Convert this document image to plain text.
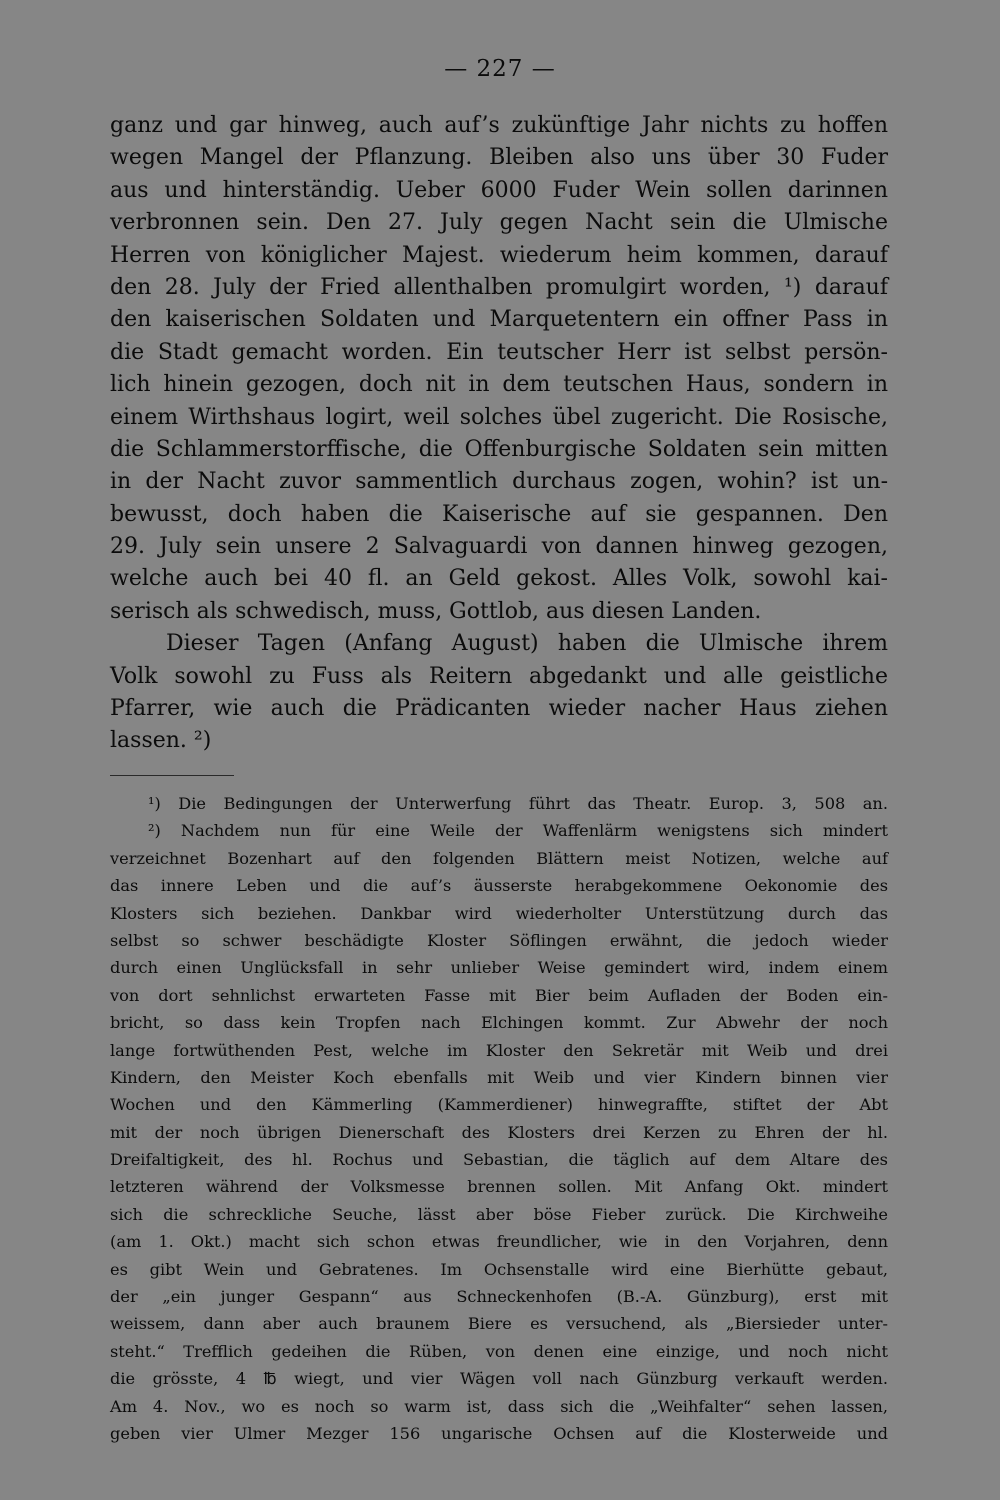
— 227 —
ganz und gar hinweg, auch auf’s zukünftige Jahr nichts zu hoffen
wegen Mangel der Pflanzung. Bleiben also uns über 30 Fuder
aus und hinterständig. Ueber 6000 Fuder Wein sollen darinnen
verbronnen sein. Den 27. July gegen Nacht sein die Ulmische
Herren von königlicher Majest. wiederum heim kommen, darauf
den 28. July der Fried allenthalben promulgirt worden, ¹) darauf
den kaiserischen Soldaten und Marquetentern ein offner Pass in
die Stadt gemacht worden. Ein teutscher Herr ist selbst persön-
lich hinein gezogen, doch nit in dem teutschen Haus, sondern in
einem Wirthshaus logirt, weil solches übel zugericht. Die Rosische,
die Schlammerstorffische, die Offenburgische Soldaten sein mitten
in der Nacht zuvor sammentlich durchaus zogen, wohin? ist un-
bewusst, doch haben die Kaiserische auf sie gespannen. Den
29. July sein unsere 2 Salvaguardi von dannen hinweg gezogen,
welche auch bei 40 fl. an Geld gekost. Alles Volk, sowohl kai-
serisch als schwedisch, muss, Gottlob, aus diesen Landen.
Dieser Tagen (Anfang August) haben die Ulmische ihrem
Volk sowohl zu Fuss als Reitern abgedankt und alle geistliche
Pfarrer, wie auch die Prädicanten wieder nacher Haus ziehen
lassen. ²)
¹) Die Bedingungen der Unterwerfung führt das Theatr. Europ. 3, 508 an.
²) Nachdem nun für eine Weile der Waffenlärm wenigstens sich mindert
verzeichnet Bozenhart auf den folgenden Blättern meist Notizen, welche auf
das innere Leben und die auf’s äusserste herabgekommene Oekonomie des
Klosters sich beziehen. Dankbar wird wiederholter Unterstützung durch das
selbst so schwer beschädigte Kloster Söflingen erwähnt, die jedoch wieder
durch einen Unglücksfall in sehr unlieber Weise gemindert wird, indem einem
von dort sehnlichst erwarteten Fasse mit Bier beim Aufladen der Boden ein-
bricht, so dass kein Tropfen nach Elchingen kommt. Zur Abwehr der noch
lange fortwüthenden Pest, welche im Kloster den Sekretär mit Weib und drei
Kindern, den Meister Koch ebenfalls mit Weib und vier Kindern binnen vier
Wochen und den Kämmerling (Kammerdiener) hinwegraffte, stiftet der Abt
mit der noch übrigen Dienerschaft des Klosters drei Kerzen zu Ehren der hl.
Dreifaltigkeit, des hl. Rochus und Sebastian, die täglich auf dem Altare des
letzteren während der Volksmesse brennen sollen. Mit Anfang Okt. mindert
sich die schreckliche Seuche, lässt aber böse Fieber zurück. Die Kirchweihe
(am 1. Okt.) macht sich schon etwas freundlicher, wie in den Vorjahren, denn
es gibt Wein und Gebratenes. Im Ochsenstalle wird eine Bierhütte gebaut,
der „ein junger Gespann“ aus Schneckenhofen (B.-A. Günzburg), erst mit
weissem, dann aber auch braunem Biere es versuchend, als „Biersieder unter-
steht.“ Trefflich gedeihen die Rüben, von denen eine einzige, und noch nicht
die grösste, 4 ℔ wiegt, und vier Wägen voll nach Günzburg verkauft werden.
Am 4. Nov., wo es noch so warm ist, dass sich die „Weihfalter“ sehen lassen,
geben vier Ulmer Mezger 156 ungarische Ochsen auf die Klosterweide und
